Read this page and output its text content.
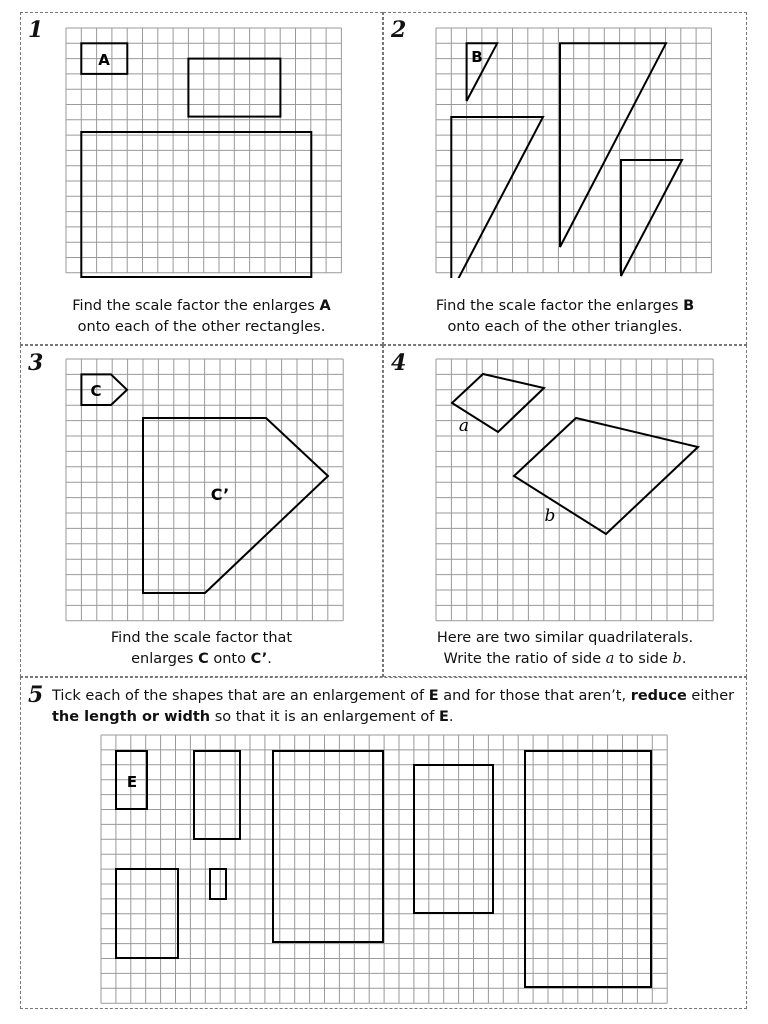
1
A
Find the scale factor the enlarges A
onto each of the other rectangles.
2
B
Find the scale factor the enlarges B
onto each of the other triangles.
3
C
C’
Find the scale factor that
enlarges C onto C’.
4
a
b
Here are two similar quadrilaterals.
Write the ratio of side a to side b.
5 Tick each of the shapes that are an enlargement of E and for those that aren’t, reduce either the length or width so that it is an enlargement of E.
E
